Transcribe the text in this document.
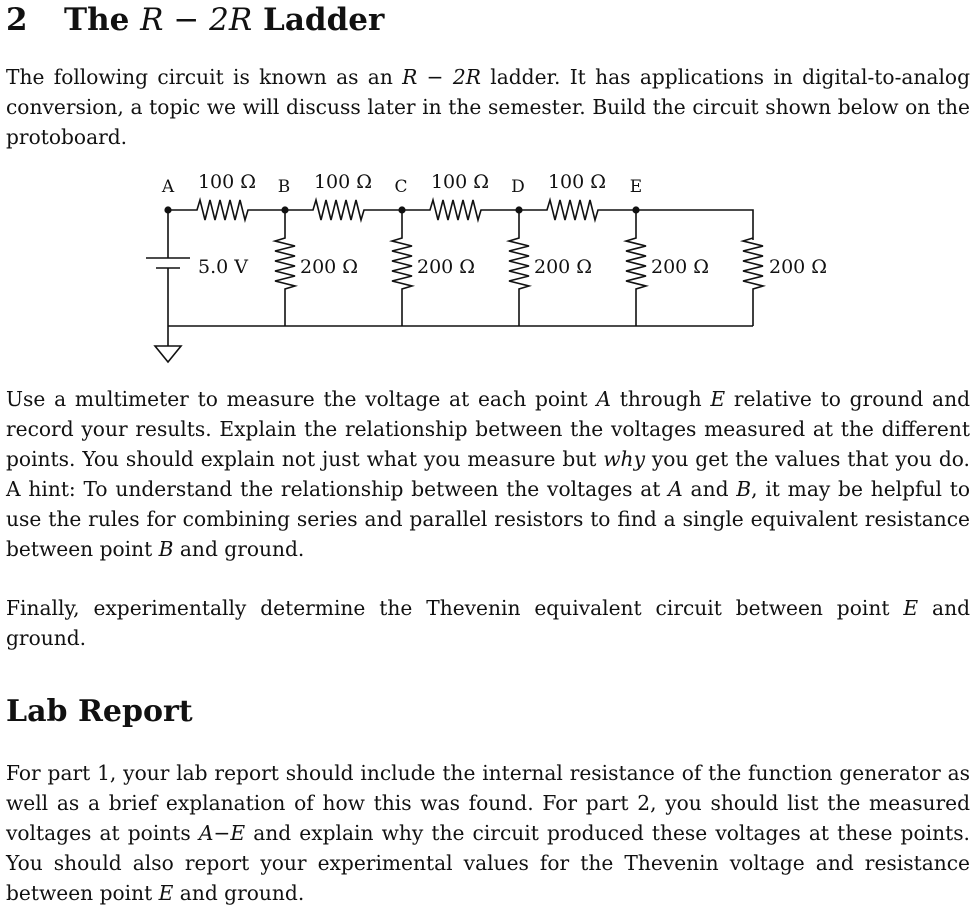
2 The R − 2R Ladder

The following circuit is known as an R − 2R ladder. It has applications in digital-to-analog conversion, a topic we will discuss later in the semester. Build the circuit shown below on the protoboard.

A	B	C	D	E
100 Ω	100 Ω	100 Ω	100 Ω
5.0 V	200 Ω	200 Ω	200 Ω	200 Ω	200 Ω

Use a multimeter to measure the voltage at each point A through E relative to ground and record your results. Explain the relationship between the voltages measured at the different points. You should explain not just what you measure but why you get the values that you do. A hint: To understand the relationship between the voltages at A and B, it may be helpful to use the rules for combining series and parallel resistors to find a single equivalent resistance between point B and ground.

Finally, experimentally determine the Thevenin equivalent circuit between point E and ground.

Lab Report

For part 1, your lab report should include the internal resistance of the function generator as well as a brief explanation of how this was found. For part 2, you should list the measured voltages at points A−E and explain why the circuit produced these voltages at these points. You should also report your experimental values for the Thevenin voltage and resistance between point E and ground.
